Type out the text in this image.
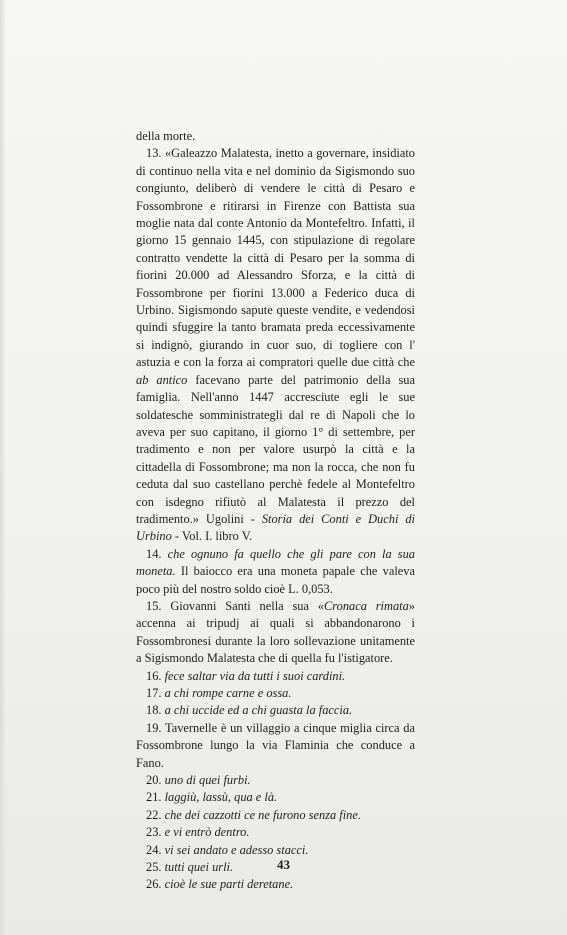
della morte.

13. «Galeazzo Malatesta, inetto a governare, insidiato di continuo nella vita e nel dominio da Sigismondo suo congiunto, deliberò di vendere le città di Pesaro e Fossombrone e ritirarsi in Firenze con Battista sua moglie nata dal conte Antonio da Montefeltro. Infatti, il giorno 15 gennaio 1445, con stipulazione di regolare contratto vendette la città di Pesaro per la somma di fiorini 20.000 ad Alessandro Sforza, e la città di Fossombrone per fiorini 13.000 a Federico duca di Urbino. Sigismondo sapute queste vendite, e vedendosi quindi sfuggire la tanto bramata preda eccessivamente si indignò, giurando in cuor suo, di togliere con l' astuzia e con la forza ai compratori quelle due città che ab antico facevano parte del patrimonio della sua famiglia. Nell'anno 1447 accresciute egli le sue soldatesche somministrategli dal re di Napoli che lo aveva per suo capitano, il giorno 1° di settembre, per tradimento e non per valore usurpò la città e la cittadella di Fossombrone; ma non la rocca, che non fu ceduta dal suo castellano perchè fedele al Montefeltro con isdegno rifiutò al Malatesta il prezzo del tradimento.» Ugolini - Storia dei Conti e Duchi di Urbino - Vol. I. libro V.

14. che ognuno fa quello che gli pare con la sua moneta. Il baiocco era una moneta papale che valeva poco più del nostro soldo cioè L. 0,053.

15. Giovanni Santi nella sua «Cronaca rimata» accenna ai tripudj ai quali si abbandonarono i Fossombronesi durante la loro sollevazione unitamente a Sigismondo Malatesta che di quella fu l'istigatore.

16. fece saltar via da tutti i suoi cardini.

17. a chi rompe carne e ossa.

18. a chi uccide ed a chi guasta la faccia.

19. Tavernelle è un villaggio a cinque miglia circa da Fossombrone lungo la via Flaminia che conduce a Fano.

20. uno di quei furbi.

21. laggiù, lassù, qua e là.

22. che dei cazzotti ce ne furono senza fine.

23. e vi entrò dentro.

24. vi sei andato e adesso stacci.

25. tutti quei urli.

26. cioè le sue parti deretane.

43
